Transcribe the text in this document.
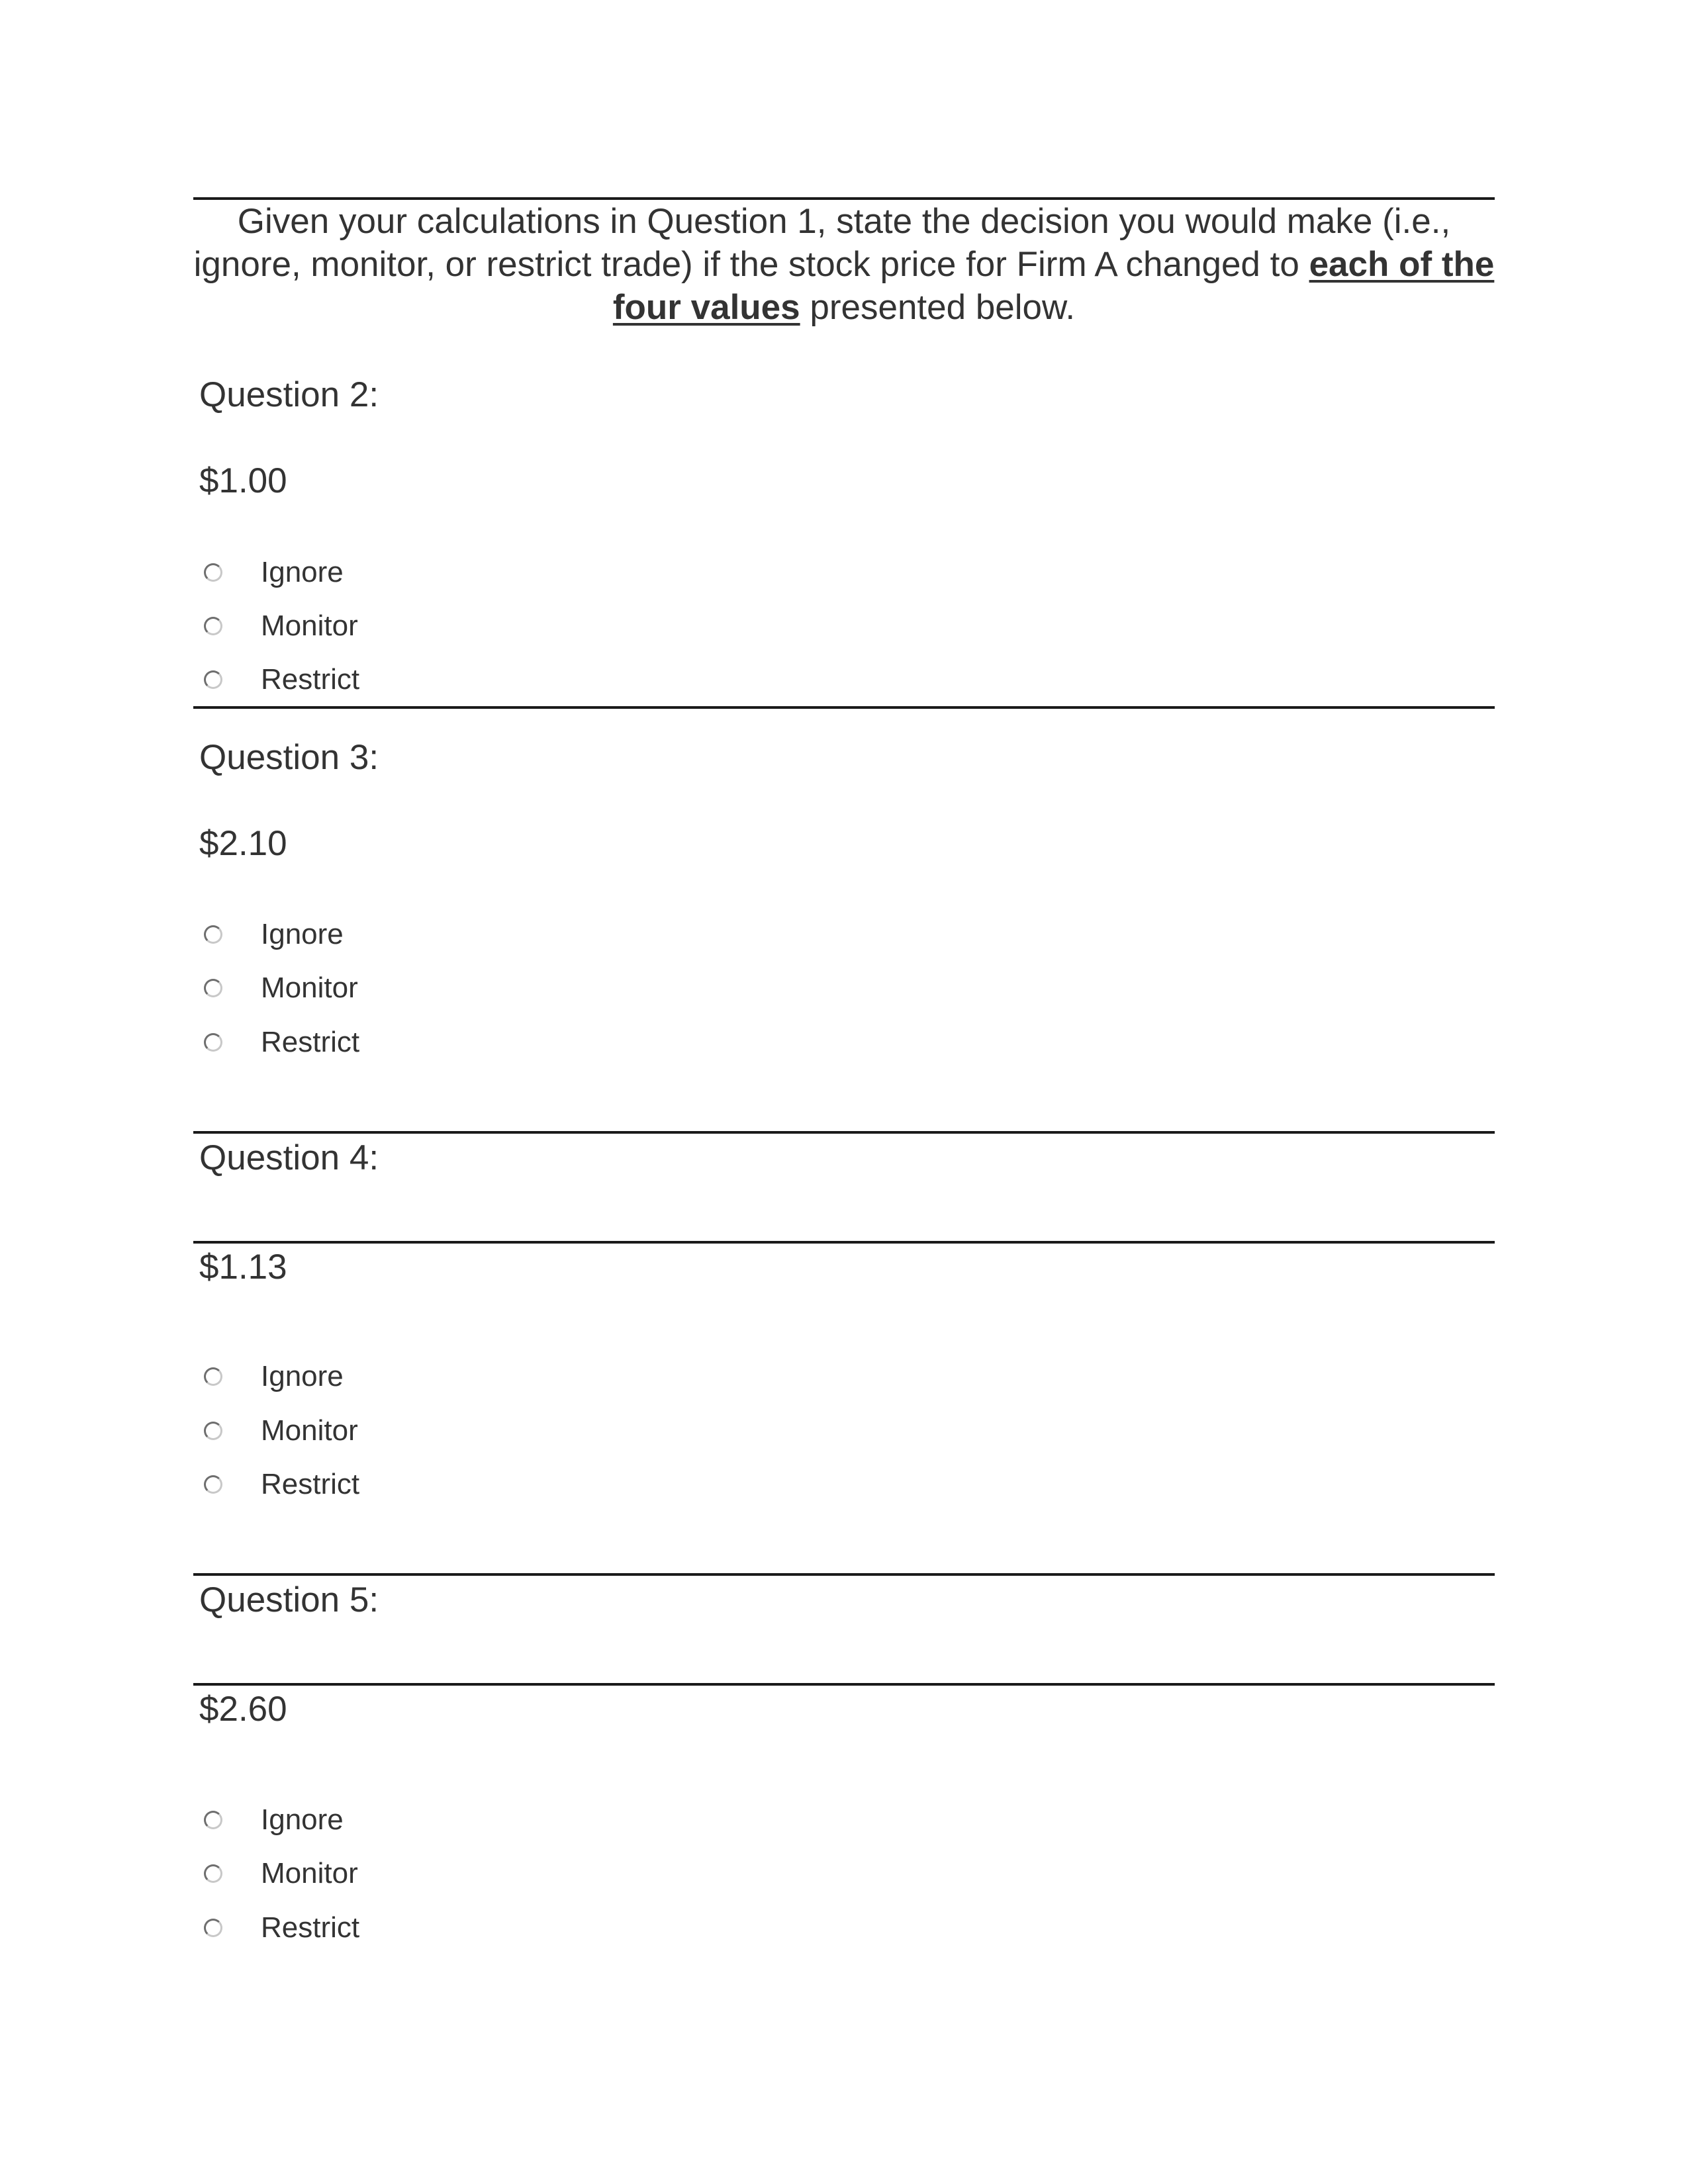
Given your calculations in Question 1, state the decision you would make (i.e., ignore, monitor, or restrict trade) if the stock price for Firm A changed to each of the four values presented below.
Question 2:
$1.00
Ignore
Monitor
Restrict
Question 3:
$2.10
Ignore
Monitor
Restrict
Question 4:
$1.13
Ignore
Monitor
Restrict
Question 5:
$2.60
Ignore
Monitor
Restrict
